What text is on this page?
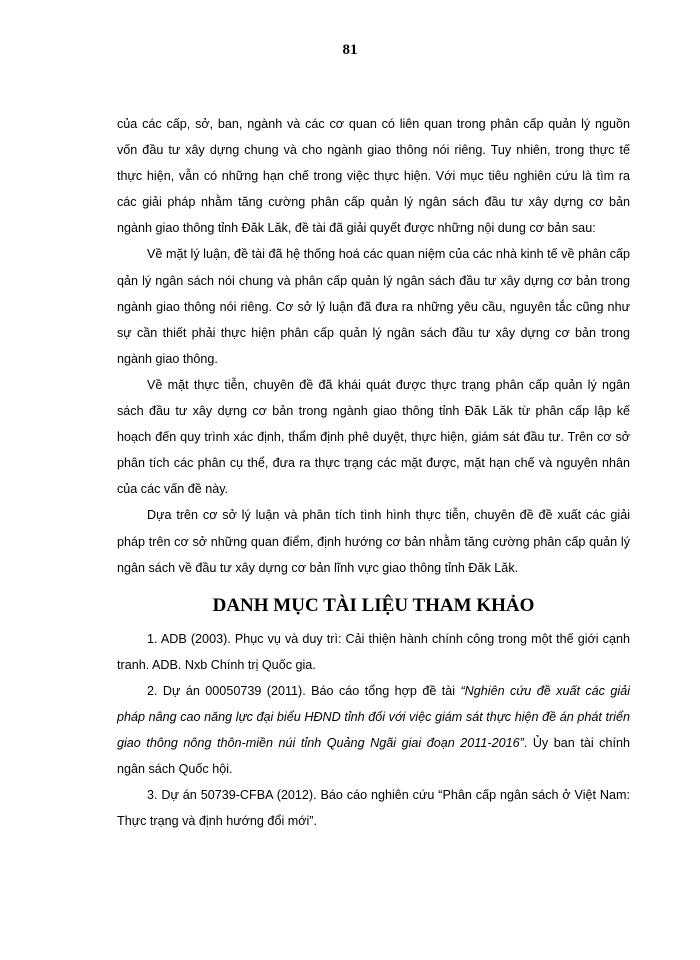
81

của các cấp, sở, ban, ngành và các cơ quan có liên quan trong phân cấp quản lý nguồn vốn đầu tư xây dựng chung và cho ngành giao thông nói riêng. Tuy nhiên, trong thực tế thực hiện, vẫn có những hạn chế trong việc thực hiện. Với mục tiêu nghiên cứu là tìm ra các giải pháp nhằm tăng cường phân cấp quản lý ngân sách đầu tư xây dựng cơ bản ngành giao thông tỉnh Đăk Lăk, đề tài đã giải quyết được những nội dung cơ bản sau:

Về mặt lý luận, đề tài đã hệ thống hoá các quan niệm của các nhà kinh tế về phân cấp qản lý ngân sách nói chung và phân cấp quản lý ngân sách đầu tư xây dựng cơ bản trong ngành giao thông nói riêng. Cơ sở lý luận đã đưa ra những yêu cầu, nguyên tắc cũng như sự cần thiết phải thực hiện phân cấp quản lý ngân sách đầu tư xây dựng cơ bản trong ngành giao thông.

Về mặt thực tiễn, chuyên đề đã khái quát được thực trạng phân cấp quản lý ngân sách đầu tư xây dựng cơ bản trong ngành giao thông tỉnh Đăk Lăk từ phân cấp lập kế hoạch đến quy trình xác định, thẩm định phê duyệt, thực hiện, giám sát đầu tư. Trên cơ sở phân tích các phân cụ thể, đưa ra thực trạng các mặt được, mặt hạn chế và nguyên nhân của các vấn đề này.

Dựa trên cơ sở lý luận và phân tích tình hình thực tiễn, chuyên đề đề xuất các giải pháp trên cơ sở những quan điểm, định hướng cơ bản nhằm tăng cường phân cấp quản lý ngân sách về đầu tư xây dựng cơ bản lĩnh vực giao thông tỉnh Đăk Lăk.

DANH MỤC TÀI LIỆU THAM KHẢO

1. ADB (2003). Phục vụ và duy trì: Cải thiện hành chính công trong một thế giới cạnh tranh. ADB. Nxb Chính trị Quốc gia.

2. Dự án 00050739 (2011). Báo cáo tổng hợp đề tài “Nghiên cứu đề xuất các giải pháp nâng cao năng lực đại biểu HĐND tỉnh đối với việc giám sát thực hiện đề án phát triển giao thông nông thôn-miền núi tỉnh Quảng Ngãi giai đoạn 2011-2016”. Ủy ban tài chính ngân sách Quốc hội.

3. Dự án 50739-CFBA (2012). Báo cáo nghiên cứu “Phân cấp ngân sách ở Việt Nam: Thực trạng và định hướng đổi mới”.
